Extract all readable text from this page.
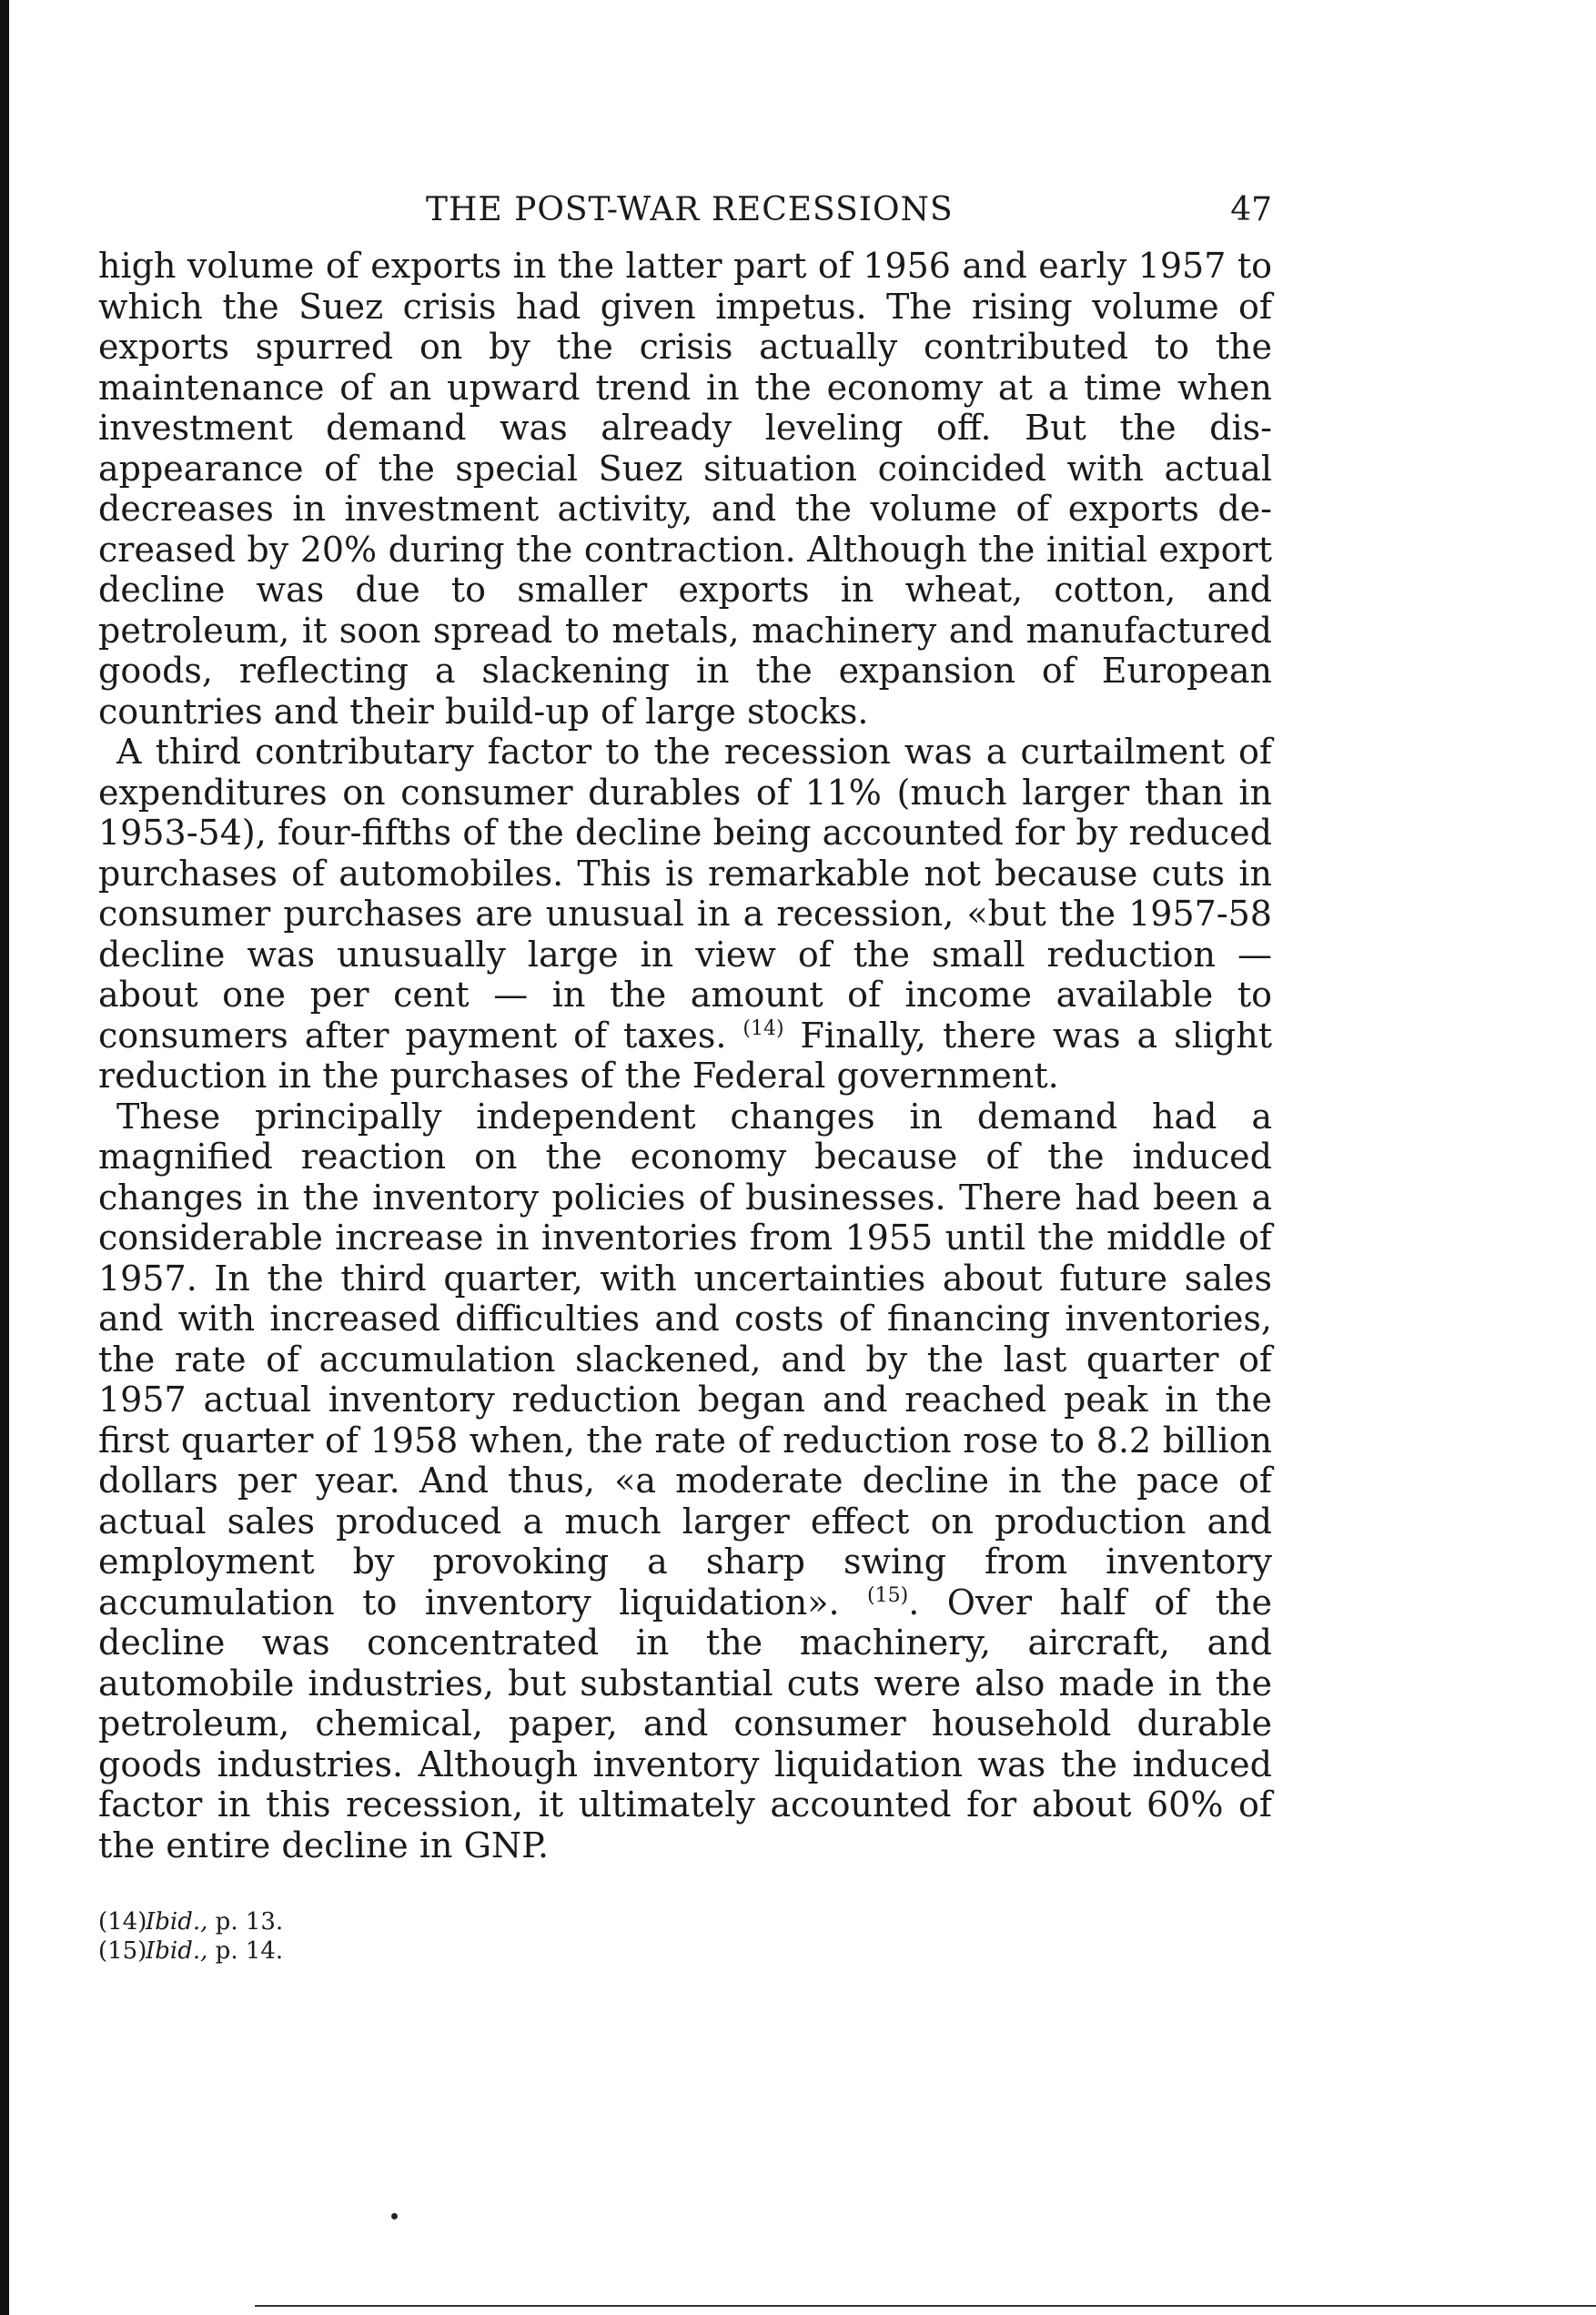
THE POST-WAR RECESSIONS	47

high volume of exports in the latter part of 1956 and early 1957 to which the Suez crisis had given impetus. The rising volume of exports spurred on by the crisis actually contributed to the maintenance of an upward trend in the economy at a time when investment demand was already leveling off. But the disappearance of the special Suez situation coincided with actual decreases in investment activity, and the volume of exports decreased by 20% during the contraction. Although the initial export decline was due to smaller exports in wheat, cotton, and petroleum, it soon spread to metals, machinery and manufactured goods, reflecting a slackening in the expansion of European countries and their build-up of large stocks.

A third contributary factor to the recession was a curtailment of expenditures on consumer durables of 11% (much larger than in 1953-54), four-fifths of the decline being accounted for by reduced purchases of automobiles. This is remarkable not because cuts in consumer purchases are unusual in a recession, «but the 1957-58 decline was unusually large in view of the small reduction — about one per cent — in the amount of income available to consumers after payment of taxes. $^{(14)}$ Finally, there was a slight reduction in the purchases of the Federal government.

These principally independent changes in demand had a magnified reaction on the economy because of the induced changes in the inventory policies of businesses. There had been a considerable increase in inventories from 1955 until the middle of 1957. In the third quarter, with uncertainties about future sales and with increased difficulties and costs of financing inventories, the rate of accumulation slackened, and by the last quarter of 1957 actual inventory reduction began and reached peak in the first quarter of 1958 when, the rate of reduction rose to 8.2 billion dollars per year. And thus, «a moderate decline in the pace of actual sales produced a much larger effect on production and employment by provoking a sharp swing from inventory accumulation to inventory liquidation». $^{(15)}$. Over half of the decline was concentrated in the machinery, aircraft, and automobile industries, but substantial cuts were also made in the petroleum, chemical, paper, and consumer household durable goods industries. Although inventory liquidation was the induced factor in this recession, it ultimately accounted for about 60% of the entire decline in GNP.

(14)Ibid., p. 13.
(15)Ibid., p. 14.
